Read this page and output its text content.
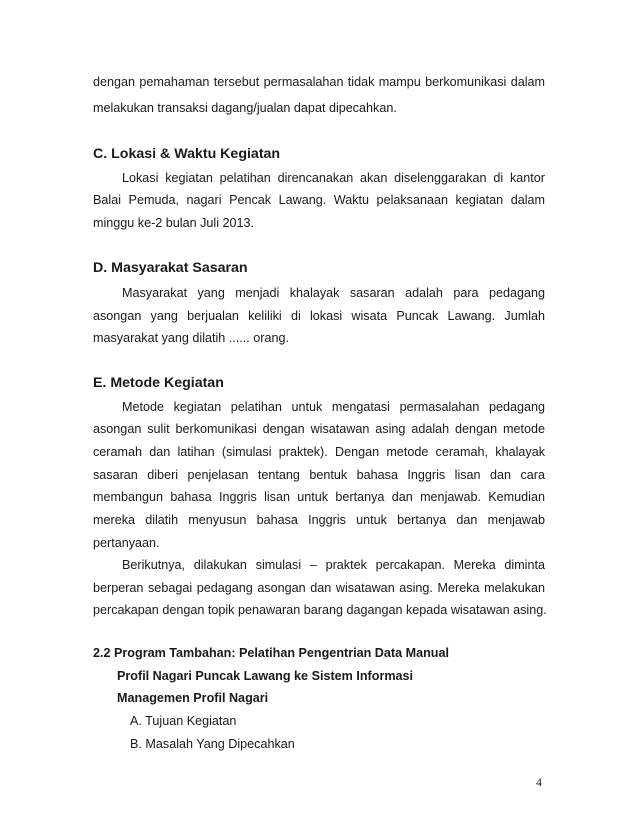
dengan pemahaman tersebut permasalahan tidak mampu berkomunikasi dalam
melakukan transaksi dagang/jualan dapat dipecahkan.
C. Lokasi & Waktu Kegiatan
Lokasi kegiatan pelatihan direncanakan akan diselenggarakan di kantor
Balai Pemuda, nagari Pencak Lawang. Waktu pelaksanaan kegiatan dalam
minggu ke-2 bulan Juli 2013.
D. Masyarakat Sasaran
Masyarakat yang menjadi khalayak sasaran adalah para pedagang
asongan yang berjualan keliliki di lokasi wisata Puncak Lawang. Jumlah
masyarakat yang dilatih ...... orang.
E. Metode Kegiatan
Metode kegiatan pelatihan untuk mengatasi permasalahan pedagang
asongan sulit berkomunikasi dengan wisatawan asing adalah dengan metode
ceramah dan latihan (simulasi praktek). Dengan metode ceramah, khalayak
sasaran diberi penjelasan tentang bentuk bahasa Inggris lisan dan cara
membangun bahasa Inggris lisan untuk bertanya dan menjawab. Kemudian
mereka dilatih menyusun bahasa Inggris untuk bertanya dan menjawab
pertanyaan.
Berikutnya, dilakukan simulasi – praktek percakapan. Mereka diminta
berperan sebagai pedagang asongan dan wisatawan asing. Mereka melakukan
percakapan dengan topik penawaran barang dagangan kepada wisatawan asing.
2.2 Program Tambahan: Pelatihan Pengentrian Data Manual
Profil Nagari Puncak Lawang ke Sistem Informasi
Managemen Profil Nagari
A. Tujuan Kegiatan
B. Masalah Yang Dipecahkan
4
